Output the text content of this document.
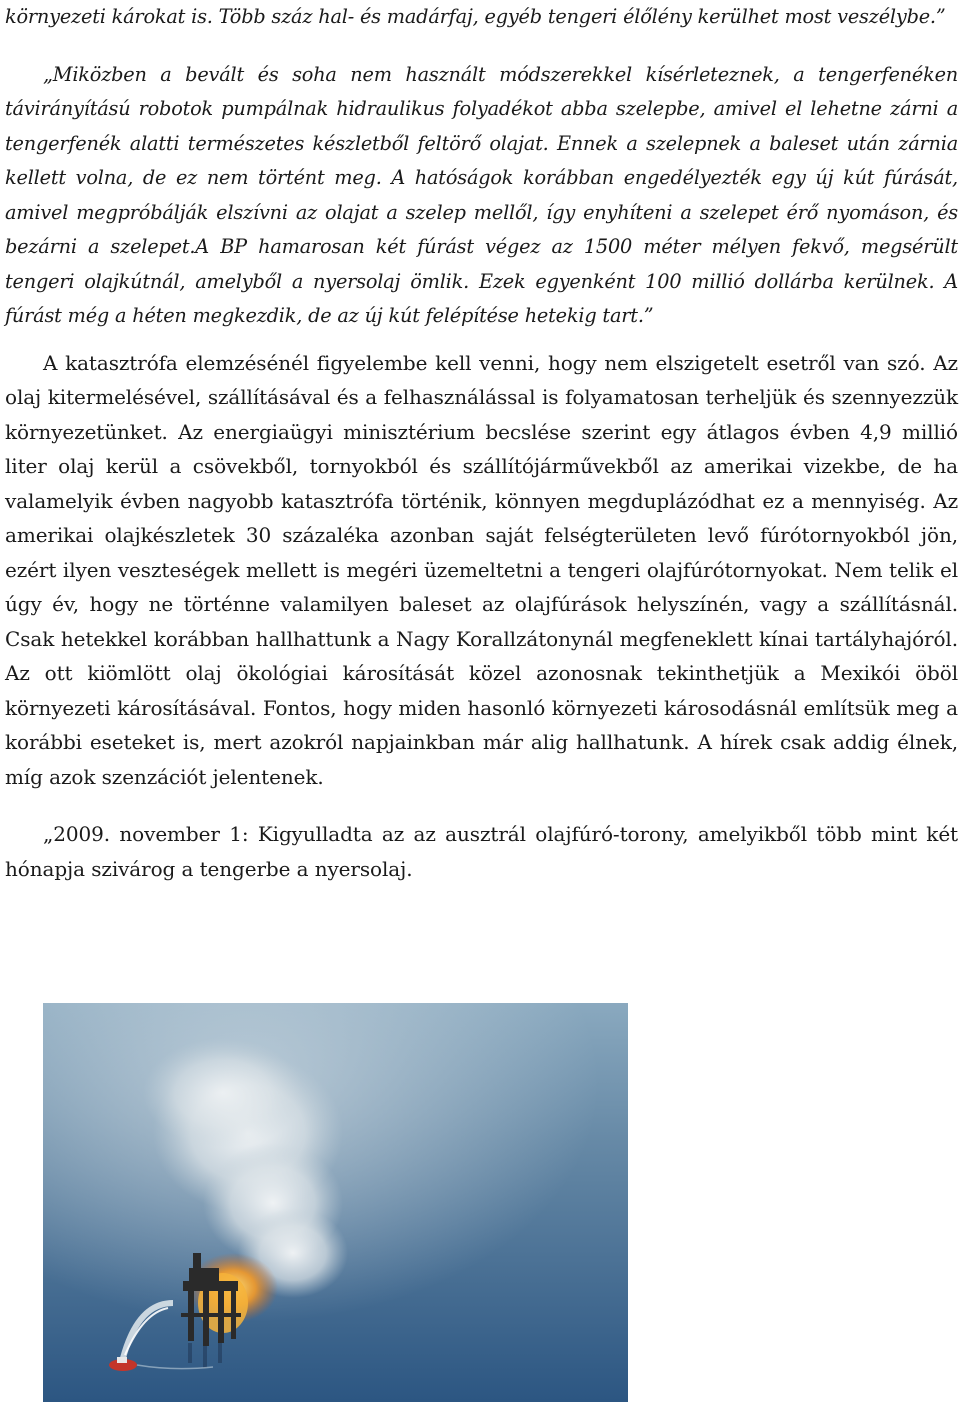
környezeti károkat is. Több száz hal- és madárfaj, egyéb tengeri élőlény kerülhet most veszélybe.”

„Miközben a bevált és soha nem használt módszerekkel kísérleteznek, a tengerfenéken távirányítású robotok pumpálnak hidraulikus folyadékot abba szelepbe, amivel el lehetne zárni a tengerfenék alatti természetes készletből feltörő olajat. Ennek a szelepnek a baleset után zárnia kellett volna, de ez nem történt meg. A hatóságok korábban engedélyezték egy új kút fúrását, amivel megpróbálják elszívni az olajat a szelep mellől, így enyhíteni a szelepet érő nyomáson, és bezárni a szelepet.A BP hamarosan két fúrást végez az 1500 méter mélyen fekvő, megsérült tengeri olajkútnál, amelyből a nyersolaj ömlik. Ezek egyenként 100 millió dollárba kerülnek. A fúrást még a héten megkezdik, de az új kút felépítése hetekig tart.”

A katasztrófa elemzésénél figyelembe kell venni, hogy nem elszigetelt esetről van szó. Az olaj kitermelésével, szállításával és a felhasználással is folyamatosan terheljük és szennyezzük környezetünket. Az energiaügyi minisztérium becslése szerint egy átlagos évben 4,9 millió liter olaj kerül a csövekből, tornyokból és szállítójárművekből az amerikai vizekbe, de ha valamelyik évben nagyobb katasztrófa történik, könnyen megduplázódhat ez a mennyiség. Az amerikai olajkészletek 30 százaléka azonban saját felségterületen levő fúrótornyokból jön, ezért ilyen veszteségek mellett is megéri üzemeltetni a tengeri olajfúrótornyokat. Nem telik el úgy év, hogy ne történne valamilyen baleset az olajfúrások helyszínén, vagy a szállításnál. Csak hetekkel korábban hallhattunk a Nagy Korallzátonynál megfeneklett kínai tartályhajóról. Az ott kiömlött olaj ökológiai károsítását közel azonosnak tekinthetjük a Mexikói öböl környezeti károsításával. Fontos, hogy miden hasonló környezeti károsodásnál említsük meg a korábbi eseteket is, mert azokról napjainkban már alig hallhatunk. A hírek csak addig élnek, míg azok szenzációt jelentenek.

„2009. november 1: Kigyulladta az az ausztrál olajfúró-torony, amelyikből több mint két hónapja szivárog a tengerbe a nyersolaj.
